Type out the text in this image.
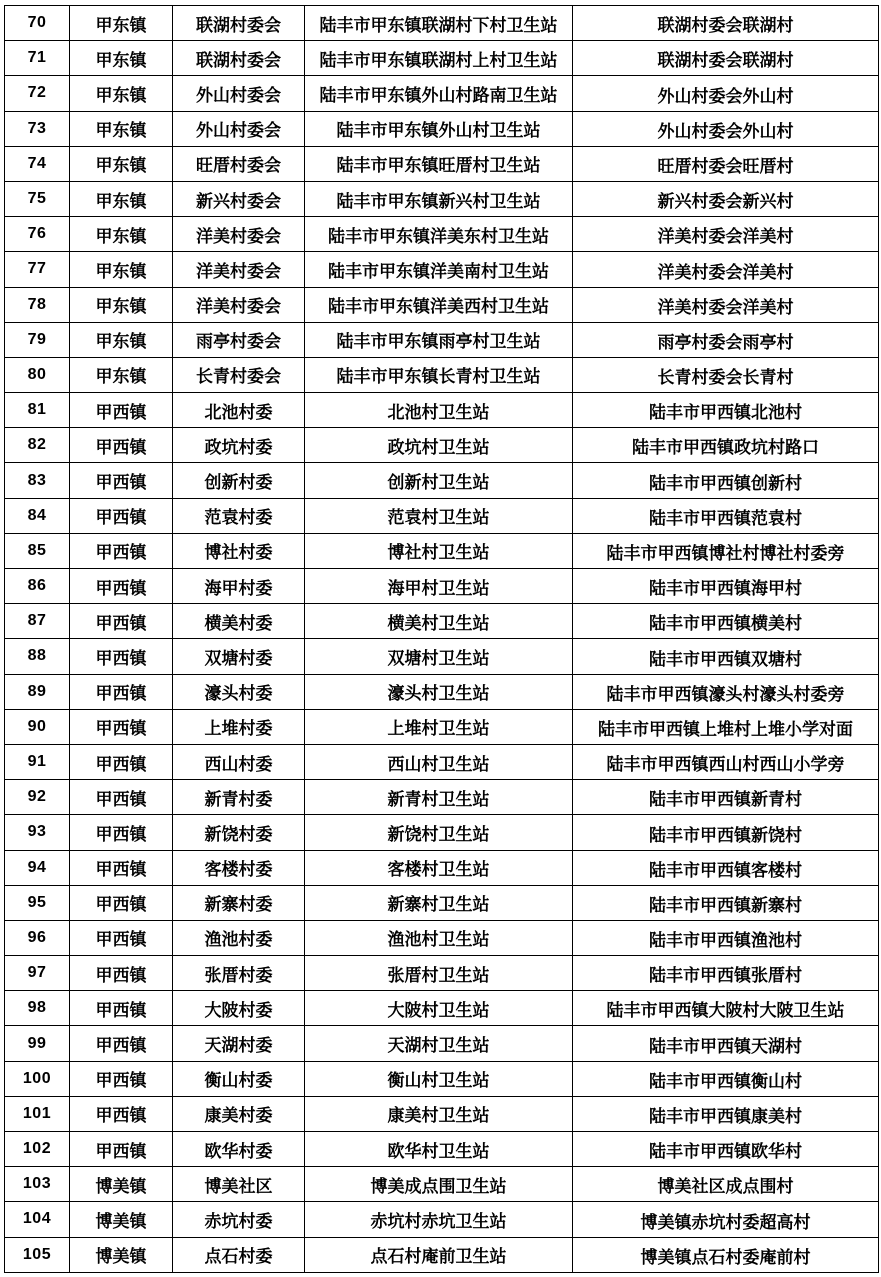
70	甲东镇	联湖村委会	陆丰市甲东镇联湖村下村卫生站	联湖村委会联湖村
71	甲东镇	联湖村委会	陆丰市甲东镇联湖村上村卫生站	联湖村委会联湖村
72	甲东镇	外山村委会	陆丰市甲东镇外山村路南卫生站	外山村委会外山村
73	甲东镇	外山村委会	陆丰市甲东镇外山村卫生站	外山村委会外山村
74	甲东镇	旺厝村委会	陆丰市甲东镇旺厝村卫生站	旺厝村委会旺厝村
75	甲东镇	新兴村委会	陆丰市甲东镇新兴村卫生站	新兴村委会新兴村
76	甲东镇	洋美村委会	陆丰市甲东镇洋美东村卫生站	洋美村委会洋美村
77	甲东镇	洋美村委会	陆丰市甲东镇洋美南村卫生站	洋美村委会洋美村
78	甲东镇	洋美村委会	陆丰市甲东镇洋美西村卫生站	洋美村委会洋美村
79	甲东镇	雨亭村委会	陆丰市甲东镇雨亭村卫生站	雨亭村委会雨亭村
80	甲东镇	长青村委会	陆丰市甲东镇长青村卫生站	长青村委会长青村
81	甲西镇	北池村委	北池村卫生站	陆丰市甲西镇北池村
82	甲西镇	政坑村委	政坑村卫生站	陆丰市甲西镇政坑村路口
83	甲西镇	创新村委	创新村卫生站	陆丰市甲西镇创新村
84	甲西镇	范袁村委	范袁村卫生站	陆丰市甲西镇范袁村
85	甲西镇	博社村委	博社村卫生站	陆丰市甲西镇博社村博社村委旁
86	甲西镇	海甲村委	海甲村卫生站	陆丰市甲西镇海甲村
87	甲西镇	横美村委	横美村卫生站	陆丰市甲西镇横美村
88	甲西镇	双塘村委	双塘村卫生站	陆丰市甲西镇双塘村
89	甲西镇	濠头村委	濠头村卫生站	陆丰市甲西镇濠头村濠头村委旁
90	甲西镇	上堆村委	上堆村卫生站	陆丰市甲西镇上堆村上堆小学对面
91	甲西镇	西山村委	西山村卫生站	陆丰市甲西镇西山村西山小学旁
92	甲西镇	新青村委	新青村卫生站	陆丰市甲西镇新青村
93	甲西镇	新饶村委	新饶村卫生站	陆丰市甲西镇新饶村
94	甲西镇	客楼村委	客楼村卫生站	陆丰市甲西镇客楼村
95	甲西镇	新寨村委	新寨村卫生站	陆丰市甲西镇新寨村
96	甲西镇	渔池村委	渔池村卫生站	陆丰市甲西镇渔池村
97	甲西镇	张厝村委	张厝村卫生站	陆丰市甲西镇张厝村
98	甲西镇	大陂村委	大陂村卫生站	陆丰市甲西镇大陂村大陂卫生站
99	甲西镇	天湖村委	天湖村卫生站	陆丰市甲西镇天湖村
100	甲西镇	衡山村委	衡山村卫生站	陆丰市甲西镇衡山村
101	甲西镇	康美村委	康美村卫生站	陆丰市甲西镇康美村
102	甲西镇	欧华村委	欧华村卫生站	陆丰市甲西镇欧华村
103	博美镇	博美社区	博美成点围卫生站	博美社区成点围村
104	博美镇	赤坑村委	赤坑村赤坑卫生站	博美镇赤坑村委超高村
105	博美镇	点石村委	点石村庵前卫生站	博美镇点石村委庵前村
